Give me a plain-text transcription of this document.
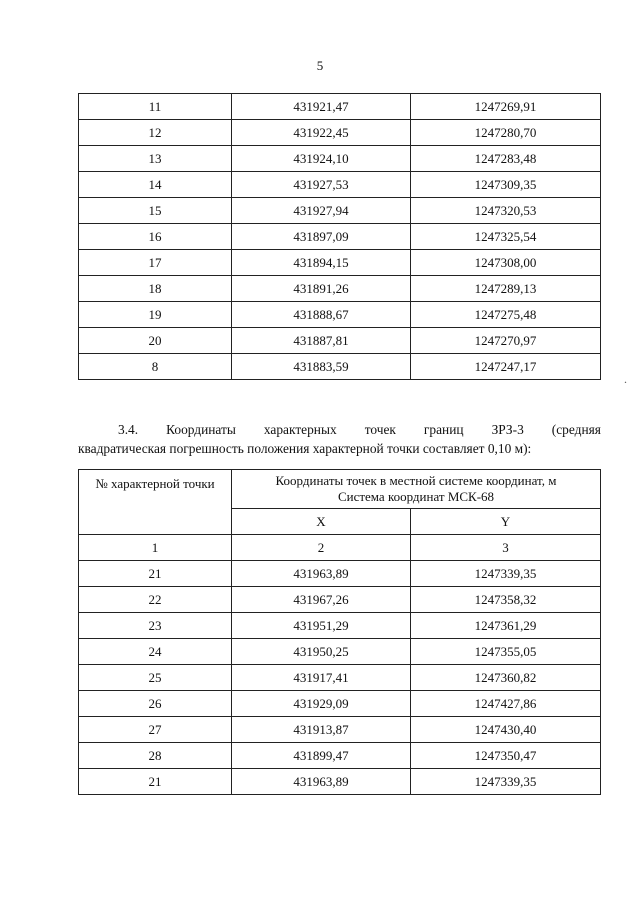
5
11	431921,47	1247269,91
12	431922,45	1247280,70
13	431924,10	1247283,48
14	431927,53	1247309,35
15	431927,94	1247320,53
16	431897,09	1247325,54
17	431894,15	1247308,00
18	431891,26	1247289,13
19	431888,67	1247275,48
20	431887,81	1247270,97
8	431883,59	1247247,17
.
3.4. Координаты характерных точек границ ЗРЗ-3 (средняя
квадратическая погрешность положения характерной точки составляет 0,10 м):
№ характерной точки	Координаты точек в местной системе координат, м
Система координат МСК-68	
	X	Y
1	2	3
21	431963,89	1247339,35
22	431967,26	1247358,32
23	431951,29	1247361,29
24	431950,25	1247355,05
25	431917,41	1247360,82
26	431929,09	1247427,86
27	431913,87	1247430,40
28	431899,47	1247350,47
21	431963,89	1247339,35
